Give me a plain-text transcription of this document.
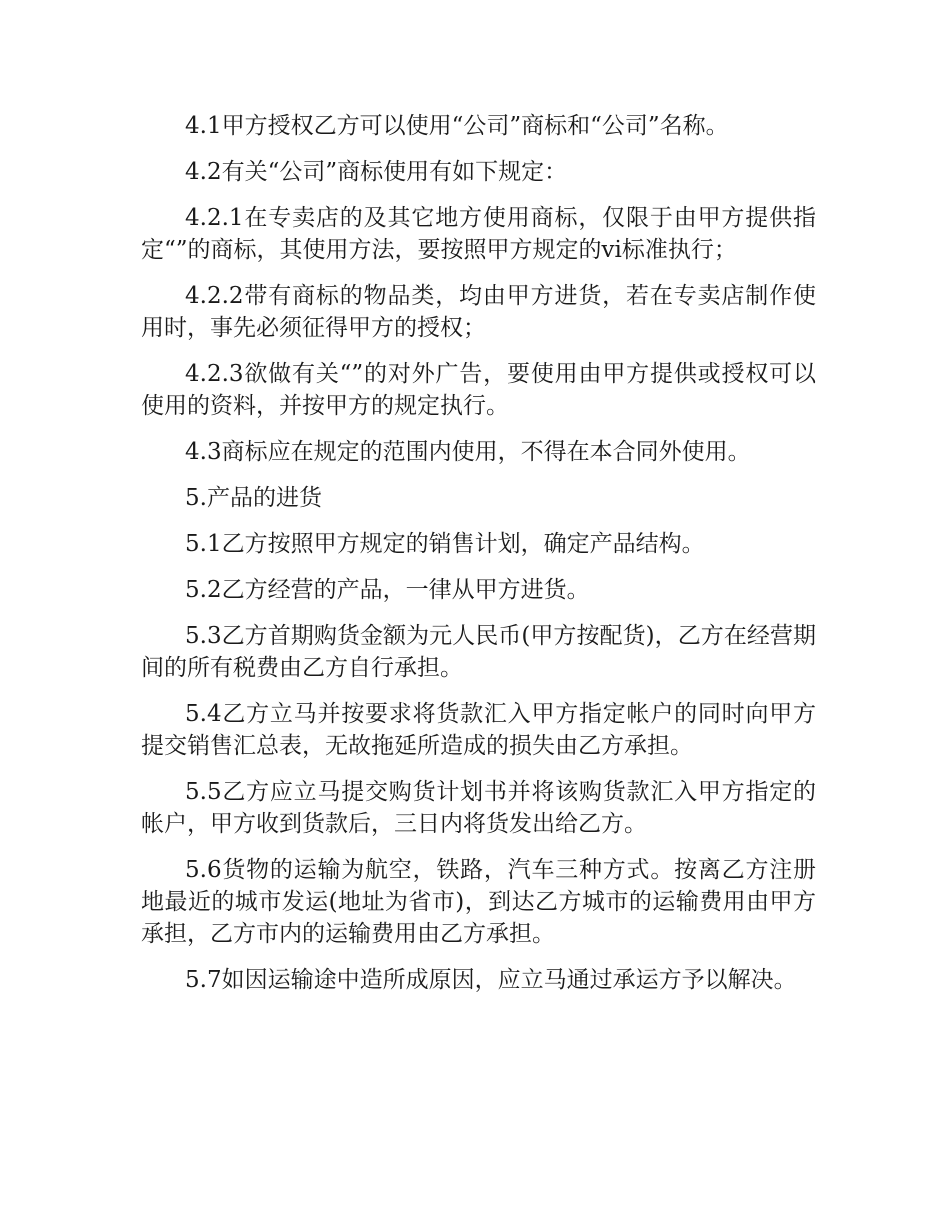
4.1甲方授权乙方可以使用“公司”商标和“公司”名称。

4.2有关“公司”商标使用有如下规定：

4.2.1在专卖店的及其它地方使用商标，仅限于由甲方提供指定“”的商标，其使用方法，要按照甲方规定的vi标准执行；

4.2.2带有商标的物品类，均由甲方进货，若在专卖店制作使用时，事先必须征得甲方的授权；

4.2.3欲做有关“”的对外广告，要使用由甲方提供或授权可以使用的资料，并按甲方的规定执行。

4.3商标应在规定的范围内使用，不得在本合同外使用。

5.产品的进货

5.1乙方按照甲方规定的销售计划，确定产品结构。

5.2乙方经营的产品，一律从甲方进货。

5.3乙方首期购货金额为元人民币(甲方按配货)，乙方在经营期间的所有税费由乙方自行承担。

5.4乙方立马并按要求将货款汇入甲方指定帐户的同时向甲方提交销售汇总表，无故拖延所造成的损失由乙方承担。

5.5乙方应立马提交购货计划书并将该购货款汇入甲方指定的帐户，甲方收到货款后，三日内将货发出给乙方。

5.6货物的运输为航空，铁路，汽车三种方式。按离乙方注册地最近的城市发运(地址为省市)，到达乙方城市的运输费用由甲方承担，乙方市内的运输费用由乙方承担。

5.7如因运输途中造所成原因，应立马通过承运方予以解决。
